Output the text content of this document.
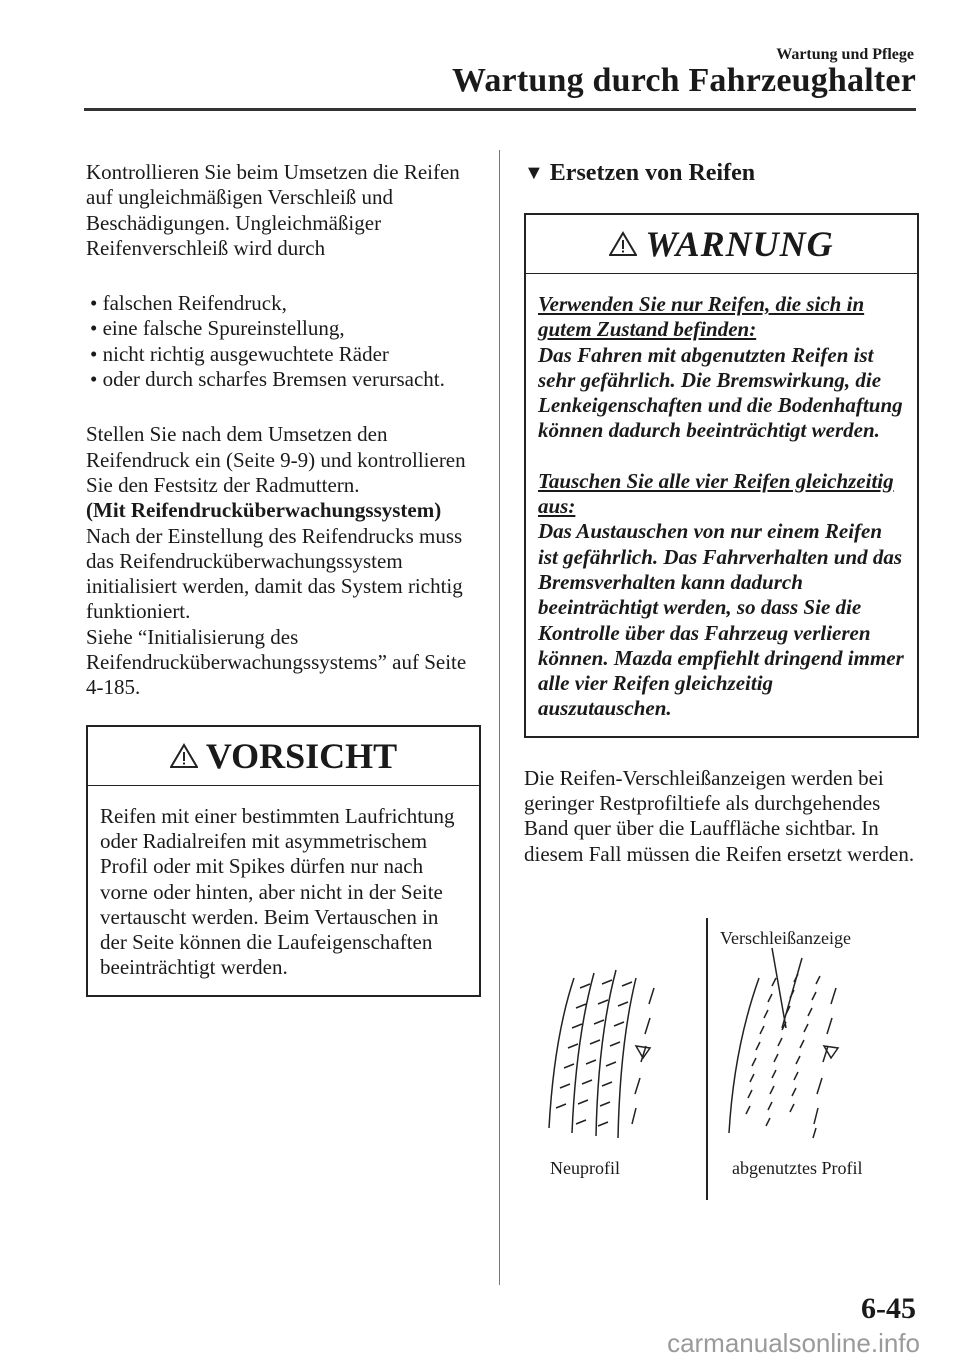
Wartung und Pflege
Wartung durch Fahrzeughalter

Kontrollieren Sie beim Umsetzen die Reifen auf ungleichmäßigen Verschleiß und Beschädigungen. Ungleichmäßiger Reifenverschleiß wird durch

• falschen Reifendruck,
• eine falsche Spureinstellung,
• nicht richtig ausgewuchtete Räder
• oder durch scharfes Bremsen verursacht.

Stellen Sie nach dem Umsetzen den Reifendruck ein (Seite 9-9) und kontrollieren Sie den Festsitz der Radmuttern.

(Mit Reifendrucküberwachungssystem)

Nach der Einstellung des Reifendrucks muss das Reifendrucküberwachungssystem initialisiert werden, damit das System richtig funktioniert.

Siehe “Initialisierung des Reifendrucküberwachungssystems” auf Seite 4-185.

VORSICHT

Reifen mit einer bestimmten Laufrichtung oder Radialreifen mit asymmetrischem Profil oder mit Spikes dürfen nur nach vorne oder hinten, aber nicht in der Seite vertauscht werden. Beim Vertauschen in der Seite können die Laufeigenschaften beeinträchtigt werden.

▼ Ersetzen von Reifen
WARNUNG

Verwenden Sie nur Reifen, die sich in gutem Zustand befinden:

Das Fahren mit abgenutzten Reifen ist sehr gefährlich. Die Bremswirkung, die Lenkeigenschaften und die Bodenhaftung können dadurch beeinträchtigt werden.

Tauschen Sie alle vier Reifen gleichzeitig aus:

Das Austauschen von nur einem Reifen ist gefährlich. Das Fahrverhalten und das Bremsverhalten kann dadurch beeinträchtigt werden, so dass Sie die Kontrolle über das Fahrzeug verlieren können. Mazda empfiehlt dringend immer alle vier Reifen gleichzeitig auszutauschen.

Die Reifen-Verschleißanzeigen werden bei geringer Restprofiltiefe als durchgehendes Band quer über die Lauffläche sichtbar. In diesem Fall müssen die Reifen ersetzt werden.

Verschleißanzeige
Neuprofil	abgenutztes Profil
6-45
carmanualsonline.info
